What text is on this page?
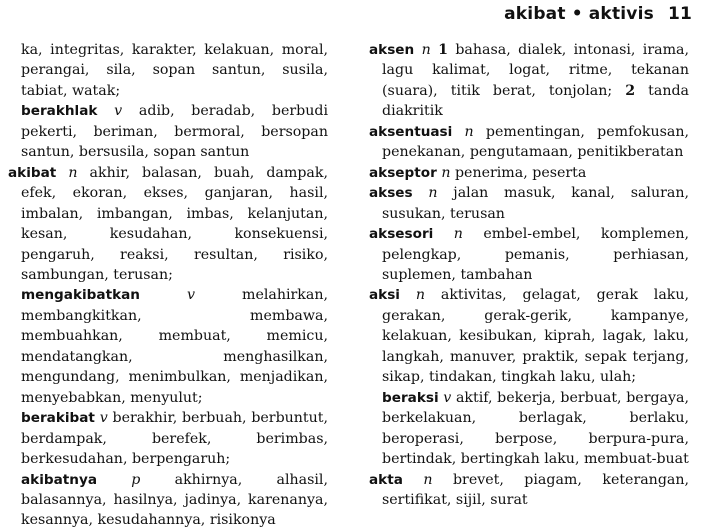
akibat • aktivis 11

ka, integritas, karakter, kelakuan, moral, perangai, sila, sopan santun, susila, tabiat, watak;

berakhlak v adib, beradab, berbudi pekerti, beriman, bermoral, bersopan santun, bersusila, sopan santun

akibat n akhir, balasan, buah, dampak, efek, ekoran, ekses, ganjaran, hasil, imbalan, imbangan, imbas, kelanjutan, kesan, kesudahan, konsekuensi, pengaruh, reaksi, resultan, risiko, sambungan, terusan;

mengakibatkan	v	melahirkan, membangkitkan, membawa, membuahkan, membuat, memicu, mendatangkan, menghasilkan, mengundang, menimbulkan, menjadikan, menyebabkan, menyulut;

berakibat v berakhir, berbuah, berbuntut, berdampak, berefek, berimbas, berkesudahan, berpengaruh;

akibatnya p akhirnya, alhasil, balasannya, hasilnya, jadinya, karenanya, kesannya, kesudahannya, risikonya

aksen n 1 bahasa, dialek, intonasi, irama, lagu kalimat, logat, ritme, tekanan (suara), titik berat, tonjolan; 2 tanda diakritik

aksentuasi n pementingan, pemfokusan, penekanan, pengutamaan, penitikberatan

akseptor n penerima, peserta

akses n jalan masuk, kanal, saluran, susukan, terusan

aksesori n embel-embel, komplemen, pelengkap, pemanis, perhiasan, suplemen, tambahan

aksi n aktivitas, gelagat, gerak laku, gerakan, gerak-gerik, kampanye, kelakuan, kesibukan, kiprah, lagak, laku, langkah, manuver, praktik, sepak terjang, sikap, tindakan, tingkah laku, ulah;

beraksi v aktif, bekerja, berbuat, bergaya, berkelakuan, berlagak, berlaku, beroperasi, berpose, berpura-pura, bertindak, bertingkah laku, membuat-buat

akta n brevet, piagam, keterangan, sertifikat, sijil, surat
